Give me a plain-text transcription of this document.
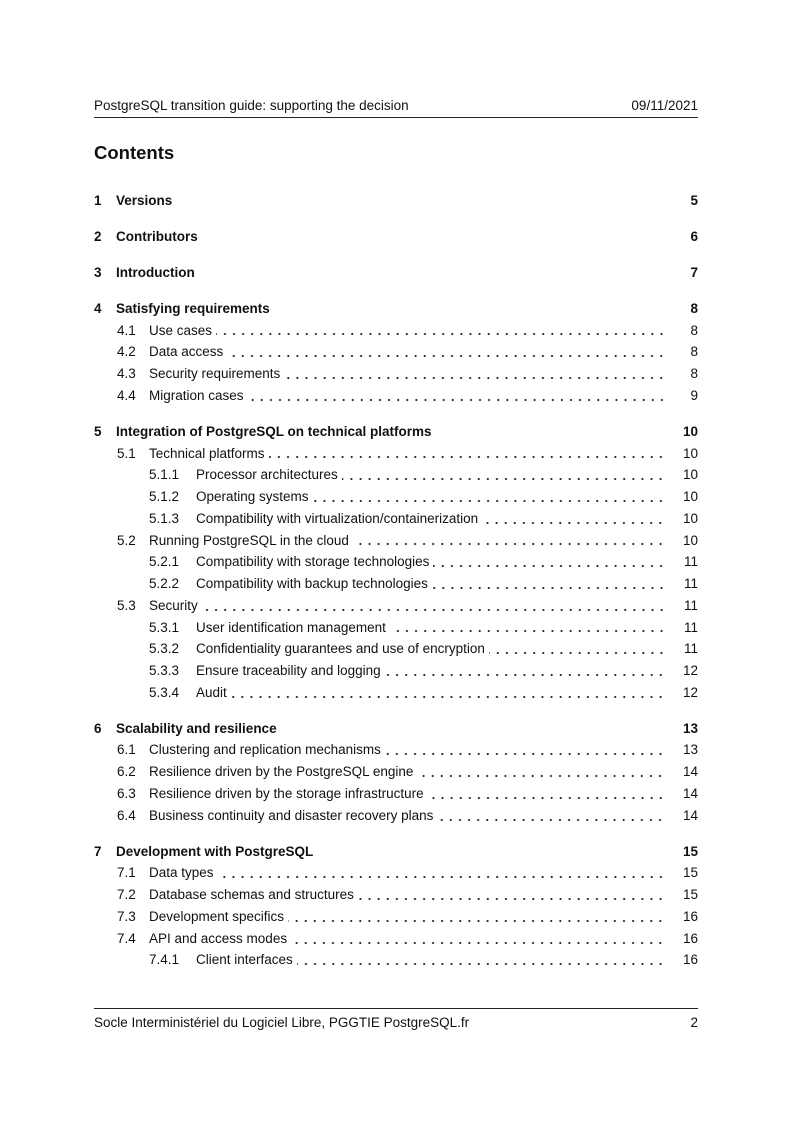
PostgreSQL transition guide: supporting the decision	09/11/2021
Contents
1	Versions	5
2	Contributors	6
3	Introduction	7
4	Satisfying requirements	8
4.1 Use cases	8
4.2 Data access	8
4.3 Security requirements	8
4.4 Migration cases	9
5	Integration of PostgreSQL on technical platforms	10
5.1 Technical platforms	10
5.1.1	Processor architectures	10
5.1.2	Operating systems	10
5.1.3	Compatibility with virtualization/containerization	10
5.2 Running PostgreSQL in the cloud	10
5.2.1	Compatibility with storage technologies	11
5.2.2	Compatibility with backup technologies	11
5.3 Security	11
5.3.1	User identification management	11
5.3.2	Confidentiality guarantees and use of encryption	11
5.3.3	Ensure traceability and logging	12
5.3.4	Audit	12
6	Scalability and resilience	13
6.1 Clustering and replication mechanisms	13
6.2 Resilience driven by the PostgreSQL engine	14
6.3 Resilience driven by the storage infrastructure	14
6.4 Business continuity and disaster recovery plans	14
7	Development with PostgreSQL	15
7.1 Data types	15
7.2 Database schemas and structures	15
7.3 Development specifics	16
7.4 API and access modes	16
7.4.1	Client interfaces	16
Socle Interministériel du Logiciel Libre, PGGTIE PostgreSQL.fr	2
